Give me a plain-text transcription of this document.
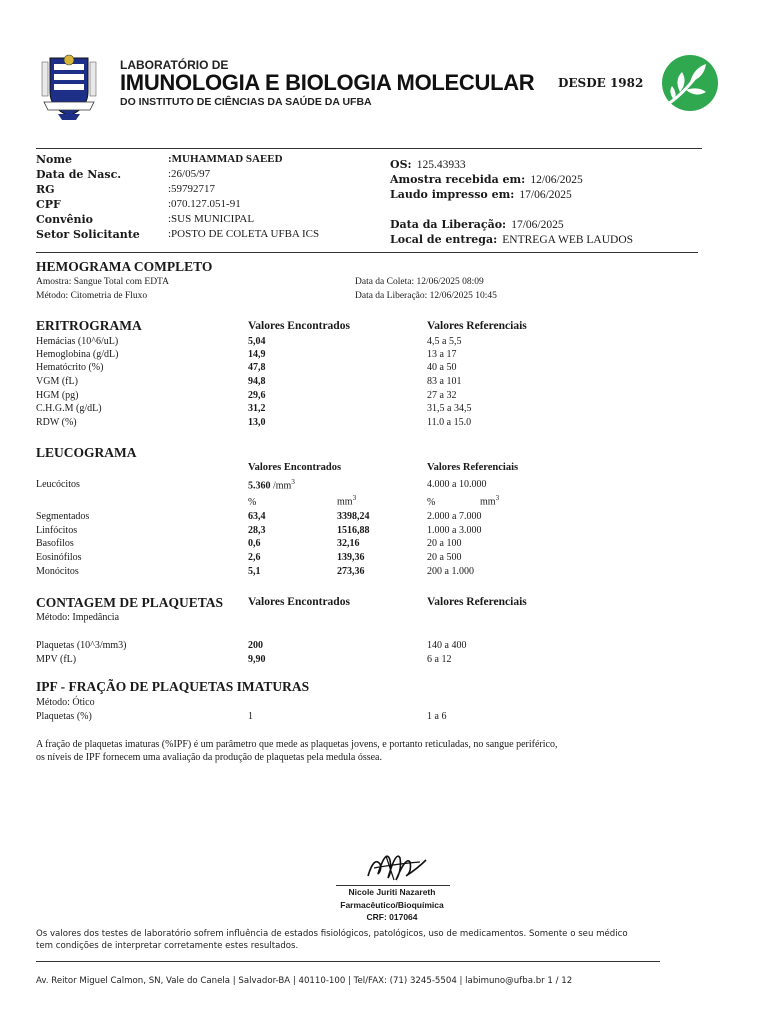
LABORATÓRIO DE
IMUNOLOGIA E BIOLOGIA MOLECULAR
DO INSTITUTO DE CIÊNCIAS DA SAÚDE DA UFBA
DESDE 1982
Nome	:MUHAMMAD SAEED
Data de Nasc.	:26/05/97
RG	:59792717
CPF	:070.127.051-91
Convênio	:SUS MUNICIPAL
Setor Solicitante	:POSTO DE COLETA UFBA ICS
OS: 125.43933
Amostra recebida em: 12/06/2025
Laudo impresso em: 17/06/2025
Data da Liberação: 17/06/2025
Local de entrega: ENTREGA WEB LAUDOS
HEMOGRAMA COMPLETO
Amostra: Sangue Total com EDTA
Método: Citometria de Fluxo
Data da Coleta: 12/06/2025 08:09
Data da Liberação: 12/06/2025 10:45
ERITROGRAMA	Valores Encontrados	Valores Referenciais
Hemácias (10^6/uL)	5,04	4,5 a 5,5
Hemoglobina (g/dL)	14,9	13 a 17
Hematócrito (%)	47,8	40 a 50
VGM (fL)	94,8	83 a 101
HGM (pg)	29,6	27 a 32
C.H.G.M (g/dL)	31,2	31,5 a 34,5
RDW (%)	13,0	11.0 a 15.0
LEUCOGRAMA
Valores Encontrados	Valores Referenciais
Leucócitos	5.360 $/mm^3$	4.000 a 10.000
%	$mm^3$	%	$mm^3$
Segmentados	63,4	3398,24	2.000 a 7.000
Linfócitos	28,3	1516,88	1.000 a 3.000
Basofilos	0,6	32,16	20 a 100
Eosinófilos	2,6	139,36	20 a 500
Monócitos	5,1	273,36	200 a 1.000
CONTAGEM DE PLAQUETAS Valores Encontrados	Valores Referenciais
Método: Impedância
Plaquetas (10^3/mm3)	200	140 a 400
MPV (fL)	9,90	6 a 12
IPF - FRAÇÃO DE PLAQUETAS IMATURAS
Método: Ótico
Plaquetas (%)	1	1 a 6
A fração de plaquetas imaturas (%IPF) é um parâmetro que mede as plaquetas jovens, e portanto reticuladas, no sangue periférico,
os níveis de IPF fornecem uma avaliação da produção de plaquetas pela medula óssea.
Nicole Juriti Nazareth
Farmacêutico/Bioquímica
CRF: 017064
Os valores dos testes de laboratório sofrem influência de estados fisiológicos, patológicos, uso de medicamentos. Somente o seu médico
tem condições de interpretar corretamente estes resultados.
Av. Reitor Miguel Calmon, SN, Vale do Canela | Salvador-BA | 40110-100 | Tel/FAX: (71) 3245-5504 | labimuno@ufba.br 1 / 12
